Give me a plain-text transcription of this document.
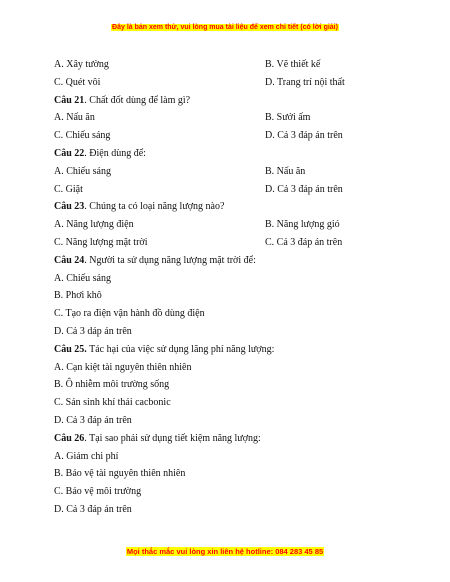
Đây là bản xem thử, vui lòng mua tài liệu để xem chi tiết (có lời giải)
A. Xây tường	B. Vẽ thiết kế
C. Quét vôi	D. Trang trí nội thất
Câu 21. Chất đốt dùng để làm gì?
A. Nấu ăn	B. Sưởi ấm
C. Chiếu sáng	D. Cả 3 đáp án trên
Câu 22. Điện dùng để:
A. Chiếu sáng	B. Nấu ăn
C. Giặt	D. Cả 3 đáp án trên
Câu 23. Chúng ta có loại năng lượng nào?
A. Năng lượng điện	B. Năng lượng gió
C. Năng lượng mặt trời	C. Cả 3 đáp án trên
Câu 24. Người ta sử dụng năng lượng mặt trời để:
A. Chiếu sáng
B. Phơi khô
C. Tạo ra điện vận hành đồ dùng điện
D. Cả 3 dáp án trên
Câu 25. Tác hại của việc sử dụng lãng phí năng lượng:
A. Cạn kiệt tài nguyên thiên nhiên
B. Ô nhiễm môi trường sống
C. Sản sinh khí thải cacbonic
D. Cả 3 đáp án trên
Câu 26. Tại sao phải sử dụng tiết kiệm năng lượng:
A. Giảm chi phí
B. Bảo vệ tài nguyên thiên nhiên
C. Bảo vệ môi trường
D. Cả 3 đáp án trên
Mọi thắc mắc vui lòng xin liên hệ hotline: 084 283 45 85
